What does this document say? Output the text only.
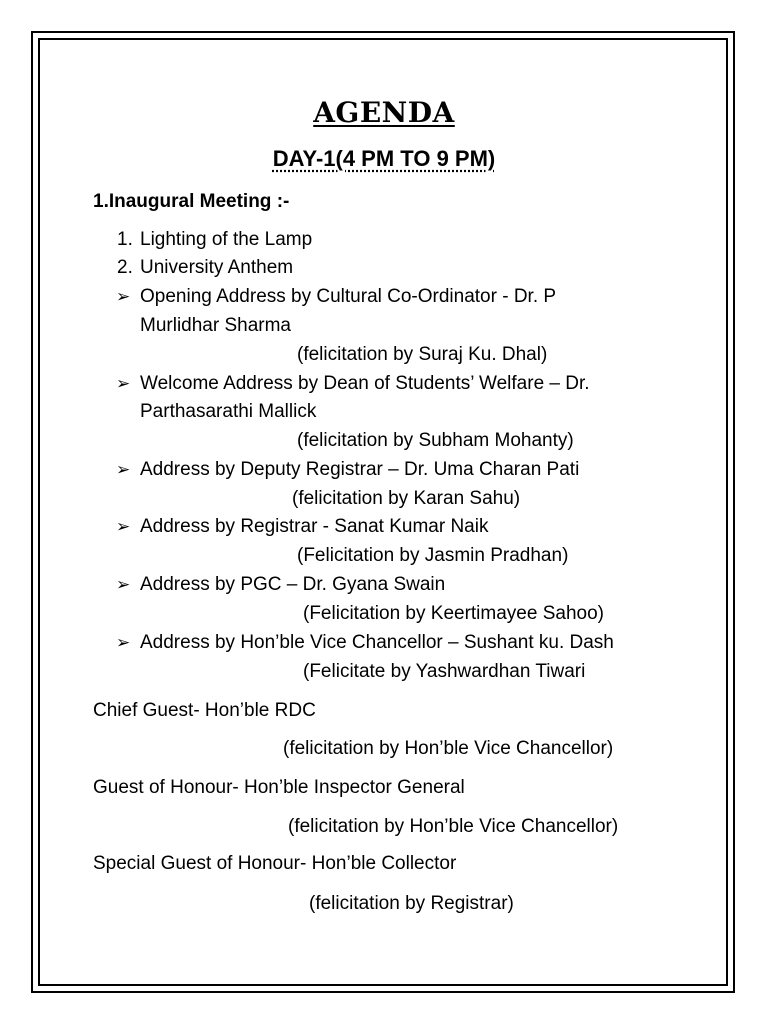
AGENDA
DAY-1(4 PM TO 9 PM)
1.Inaugural Meeting :-
1. Lighting of the Lamp
2. University Anthem
➢ Opening Address by Cultural Co-Ordinator - Dr. P
Murlidhar Sharma
(felicitation by Suraj Ku. Dhal)
➢ Welcome Address by Dean of Students’ Welfare – Dr.
Parthasarathi Mallick
(felicitation by Subham Mohanty)
➢ Address by Deputy Registrar – Dr. Uma Charan Pati
(felicitation by Karan Sahu)
➢ Address by Registrar - Sanat Kumar Naik
(Felicitation by Jasmin Pradhan)
➢ Address by PGC – Dr. Gyana Swain
(Felicitation by Keertimayee Sahoo)
➢ Address by Hon’ble Vice Chancellor – Sushant ku. Dash
(Felicitate by Yashwardhan Tiwari
Chief Guest- Hon’ble RDC
(felicitation by Hon’ble Vice Chancellor)
Guest of Honour- Hon’ble Inspector General
(felicitation by Hon’ble Vice Chancellor)
Special Guest of Honour- Hon’ble Collector
(felicitation by Registrar)
